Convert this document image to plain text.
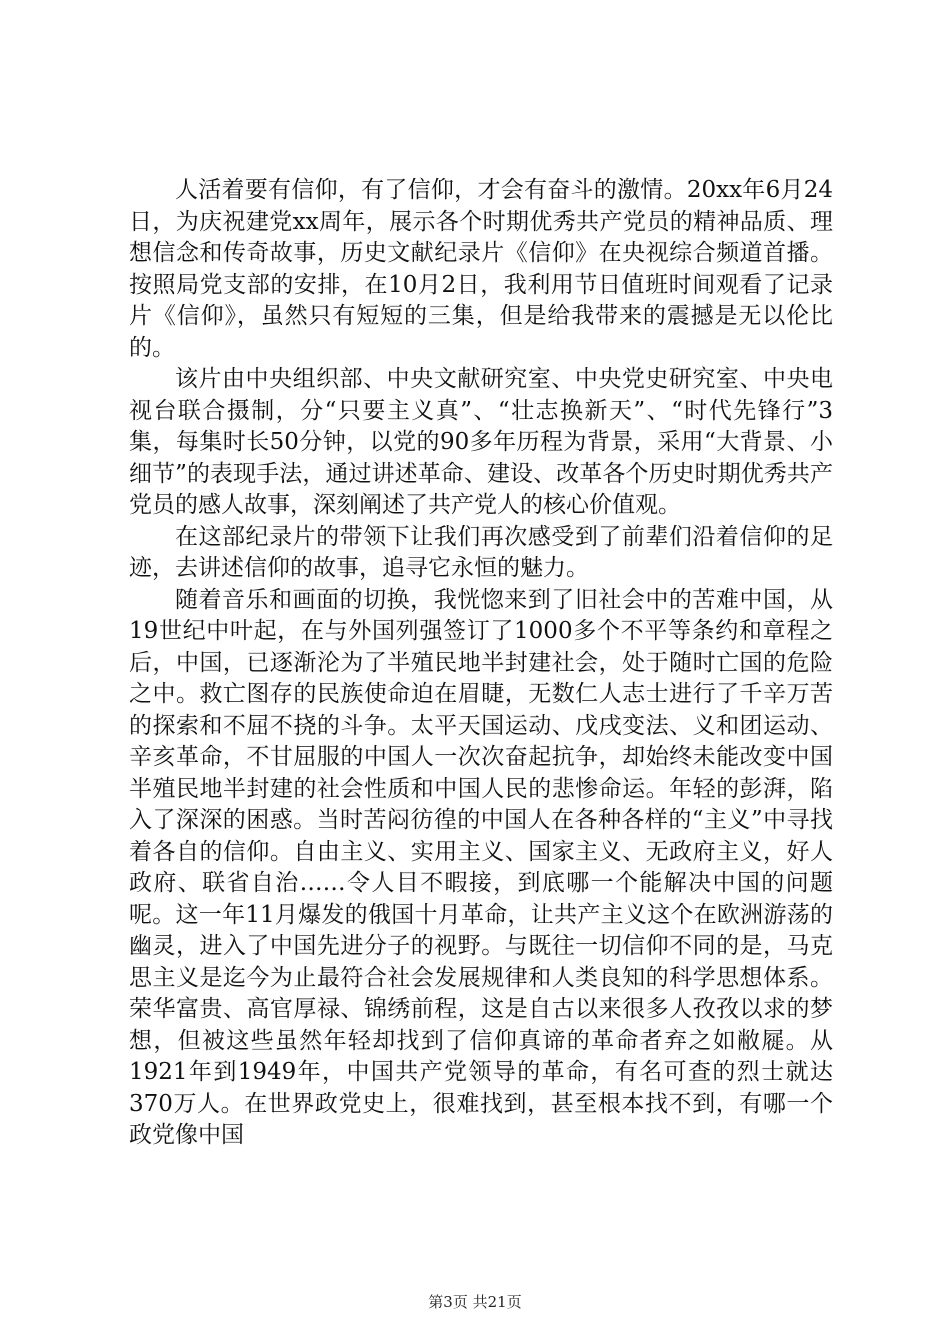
人活着要有信仰，有了信仰，才会有奋斗的激情。20xx年6月24日，为庆祝建党xx周年，展示各个时期优秀共产党员的精神品质、理想信念和传奇故事，历史文献纪录片《信仰》在央视综合频道首播。按照局党支部的安排，在10月2日，我利用节日值班时间观看了记录片《信仰》，虽然只有短短的三集，但是给我带来的震撼是无以伦比的。

该片由中央组织部、中央文献研究室、中央党史研究室、中央电视台联合摄制，分“只要主义真”、“壮志换新天”、“时代先锋行”3集，每集时长50分钟，以党的90多年历程为背景，采用“大背景、小细节”的表现手法，通过讲述革命、建设、改革各个历史时期优秀共产党员的感人故事，深刻阐述了共产党人的核心价值观。

在这部纪录片的带领下让我们再次感受到了前辈们沿着信仰的足迹，去讲述信仰的故事，追寻它永恒的魅力。

随着音乐和画面的切换，我恍惚来到了旧社会中的苦难中国，从19世纪中叶起，在与外国列强签订了1000多个不平等条约和章程之后，中国，已逐渐沦为了半殖民地半封建社会，处于随时亡国的危险之中。救亡图存的民族使命迫在眉睫，无数仁人志士进行了千辛万苦的探索和不屈不挠的斗争。太平天国运动、戊戌变法、义和团运动、辛亥革命，不甘屈服的中国人一次次奋起抗争，却始终未能改变中国半殖民地半封建的社会性质和中国人民的悲惨命运。年轻的彭湃，陷入了深深的困惑。当时苦闷彷徨的中国人在各种各样的“主义”中寻找着各自的信仰。自由主义、实用主义、国家主义、无政府主义，好人政府、联省自治……令人目不暇接，到底哪一个能解决中国的问题呢。这一年11月爆发的俄国十月革命，让共产主义这个在欧洲游荡的幽灵，进入了中国先进分子的视野。与既往一切信仰不同的是，马克思主义是迄今为止最符合社会发展规律和人类良知的科学思想体系。荣华富贵、高官厚禄、锦绣前程，这是自古以来很多人孜孜以求的梦想，但被这些虽然年轻却找到了信仰真谛的革命者弃之如敝屣。从1921年到1949年，中国共产党领导的革命，有名可查的烈士就达370万人。在世界政党史上，很难找到，甚至根本找不到，有哪一个政党像中国

第3页 共21页
